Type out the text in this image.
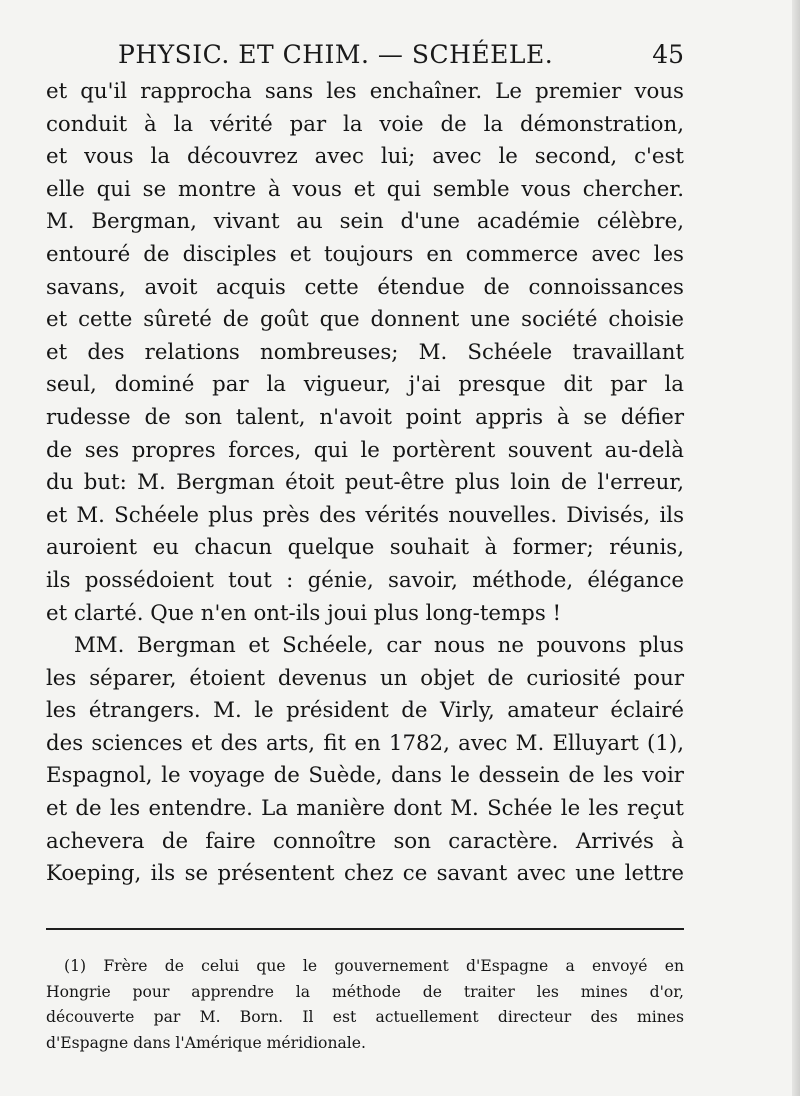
PHYSIC. ET CHIM. — SCHÉELE.	45
et qu'il rapprocha sans les enchaîner. Le premier vous
conduit à la vérité par la voie de la démonstration,
et vous la découvrez avec lui; avec le second, c'est
elle qui se montre à vous et qui semble vous chercher.
M. Bergman, vivant au sein d'une académie célèbre,
entouré de disciples et toujours en commerce avec les
savans, avoit acquis cette étendue de connoissances
et cette sûreté de goût que donnent une société choisie
et des relations nombreuses; M. Schéele travaillant
seul, dominé par la vigueur, j'ai presque dit par la
rudesse de son talent, n'avoit point appris à se défier
de ses propres forces, qui le portèrent souvent au-delà
du but: M. Bergman étoit peut-être plus loin de l'erreur,
et M. Schéele plus près des vérités nouvelles. Divisés, ils
auroient eu chacun quelque souhait à former; réunis,
ils possédoient tout : génie, savoir, méthode, élégance
et clarté. Que n'en ont-ils joui plus long-temps !
MM. Bergman et Schéele, car nous ne pouvons plus
les séparer, étoient devenus un objet de curiosité pour
les étrangers. M. le président de Virly, amateur éclairé
des sciences et des arts, fit en 1782, avec M. Elluyart (1),
Espagnol, le voyage de Suède, dans le dessein de les voir
et de les entendre. La manière dont M. Schée le les reçut
achevera de faire connoître son caractère. Arrivés à
Koeping, ils se présentent chez ce savant avec une lettre
(1) Frère de celui que le gouvernement d'Espagne a envoyé en
Hongrie pour apprendre la méthode de traiter les mines d'or,
découverte par M. Born. Il est actuellement directeur des mines
d'Espagne dans l'Amérique méridionale.
